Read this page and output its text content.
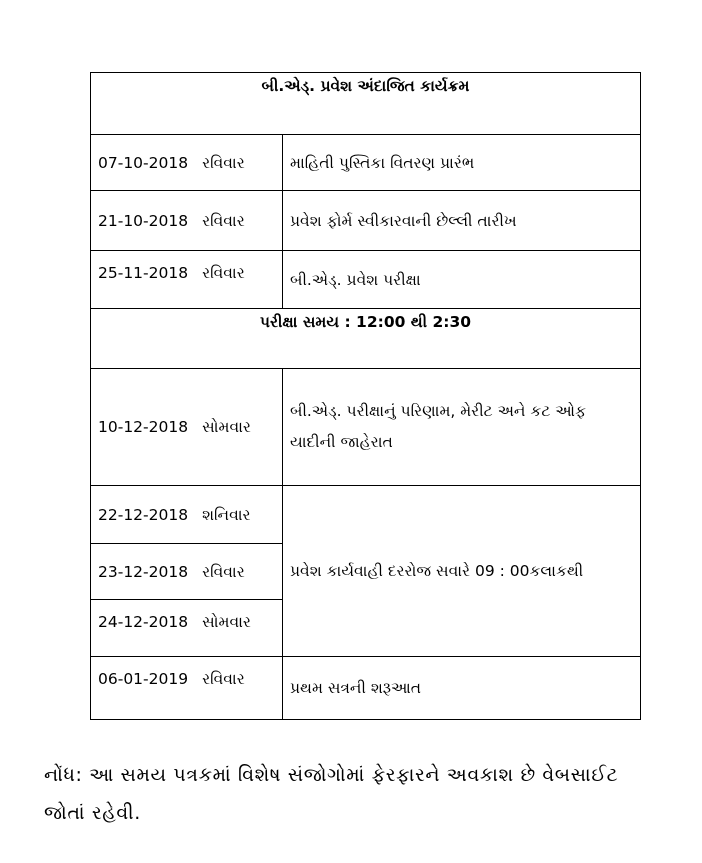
બી.એડ્. પ્રવેશ અંદાજિત કાર્યક્રમ	
07-10-2018 રવિવાર	માહિતી પુસ્તિકા વિતરણ પ્રારંભ
21-10-2018 રવિવાર	પ્રવેશ ફોર્મ સ્વીકારવાની છેલ્લી તારીખ
25-11-2018 રવિવાર	બી.એડ્. પ્રવેશ પરીક્ષા
પરીક્ષા સમય : 12:00 થી 2:30	
10-12-2018 સોમવાર	બી.એડ્. પરીક્ષાનું પરિણામ, મેરીટ અને કટ ઓફ યાદીની જાહેરાત
22-12-2018 શનિવાર	પ્રવેશ કાર્યવાહી દરરોજ સવારે 09 : 00કલાકથી
23-12-2018 રવિવાર	
24-12-2018 સોમવાર	
06-01-2019 રવિવાર	પ્રથમ સત્રની શરૂઆત
નોંધ: આ સમય પત્રકમાં વિશેષ સંજોગોમાં ફેરફારને અવકાશ છે વેબસાઈટ જોતાં રહેવી.
